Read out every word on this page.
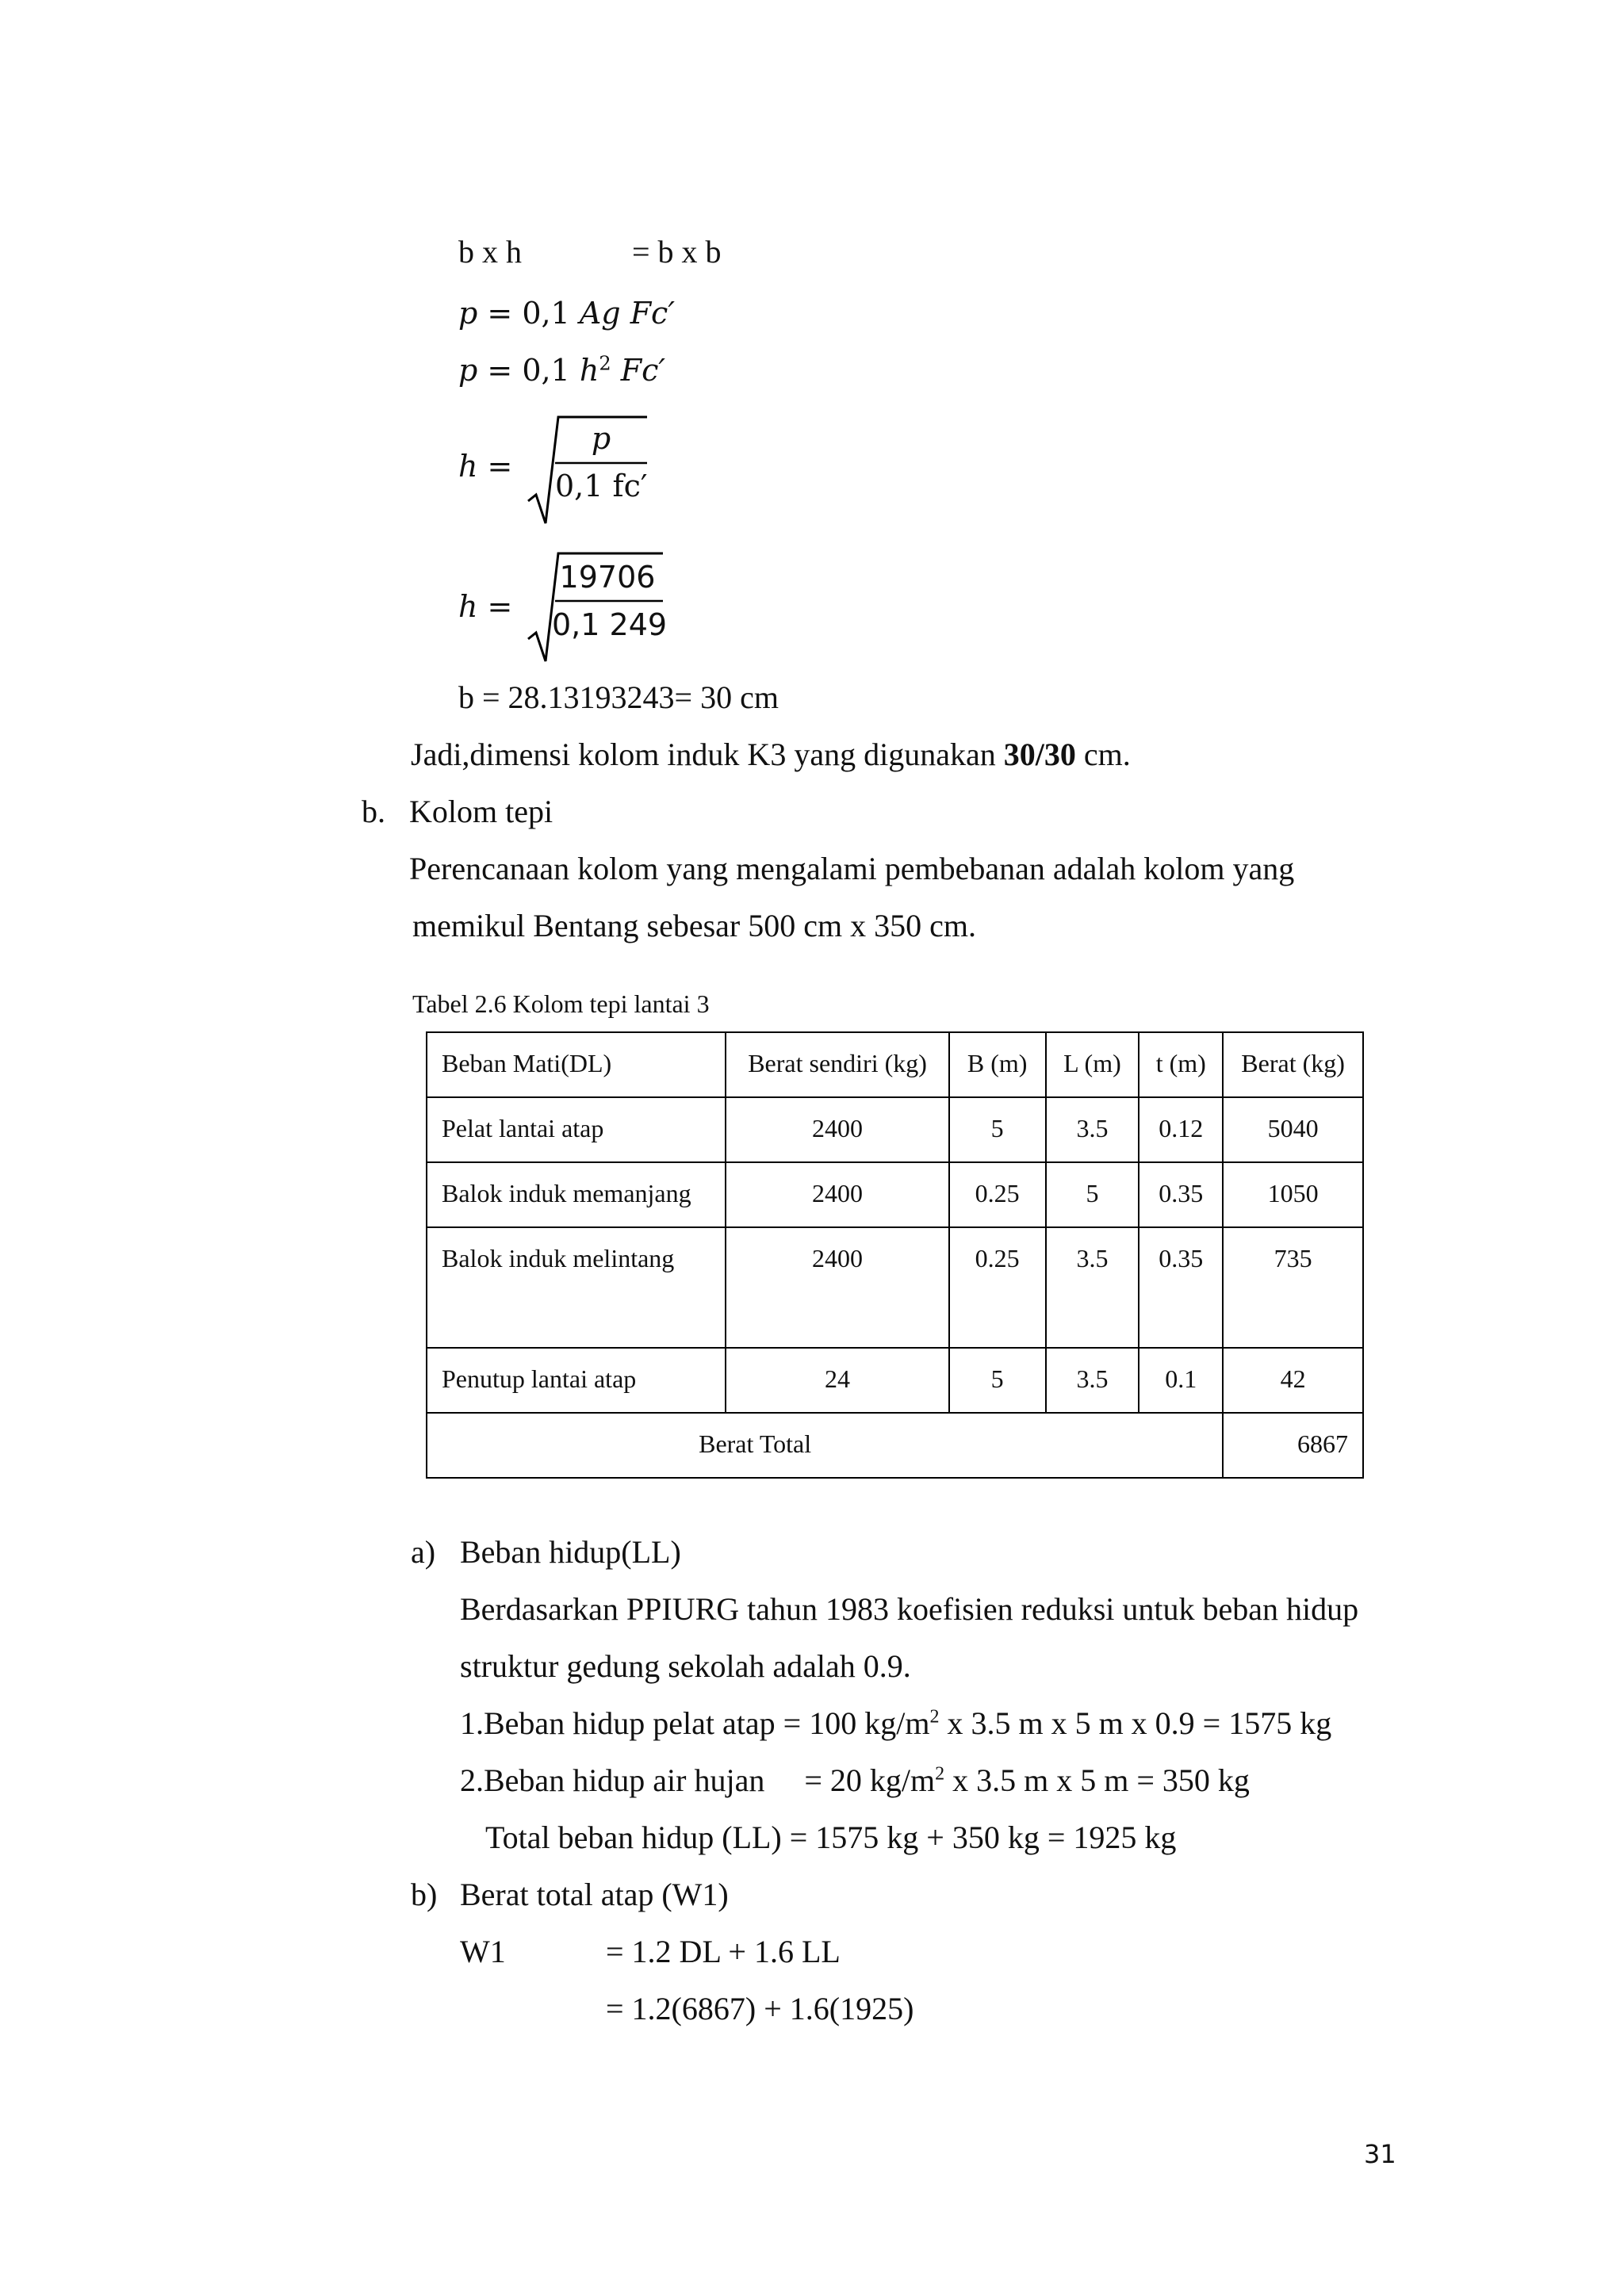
b x h	= b x b
p = 0,1 Ag Fc′
p = 0,1 $h^2$ Fc′
h =
p
0,1 fc′
h =
19706
0,1 249
b = 28.13193243= 30 cm
Jadi,dimensi kolom induk K3 yang digunakan 30/30 cm.
b. Kolom tepi
Perencanaan kolom yang mengalami pembebanan adalah kolom yang
memikul Bentang sebesar 500 cm x 350 cm.
Tabel 2.6 Kolom tepi lantai 3
Beban Mati(DL)	Berat sendiri (kg)	B (m)	L (m)	t (m)	Berat (kg)
Pelat lantai atap	2400	5	3.5	0.12	5040
Balok induk memanjang	2400	0.25	5	0.35	1050
Balok induk melintang	2400	0.25	3.5	0.35	735
Penutup lantai atap	24	5	3.5	0.1	42
Berat Total					6867
a) Beban hidup(LL)
Berdasarkan PPIURG tahun 1983 koefisien reduksi untuk beban hidup
struktur gedung sekolah adalah 0.9.
1.Beban hidup pelat atap = 100 $kg/m^2$ x 3.5 m x 5 m x 0.9 = 1575 kg
2.Beban hidup air hujan     = 20 $kg/m^2$ x 3.5 m x 5 m = 350 kg
Total beban hidup (LL) = 1575 kg + 350 kg = 1925 kg
b) Berat total atap (W1)
W1	= 1.2 DL + 1.6 LL
= 1.2(6867) + 1.6(1925)
31
